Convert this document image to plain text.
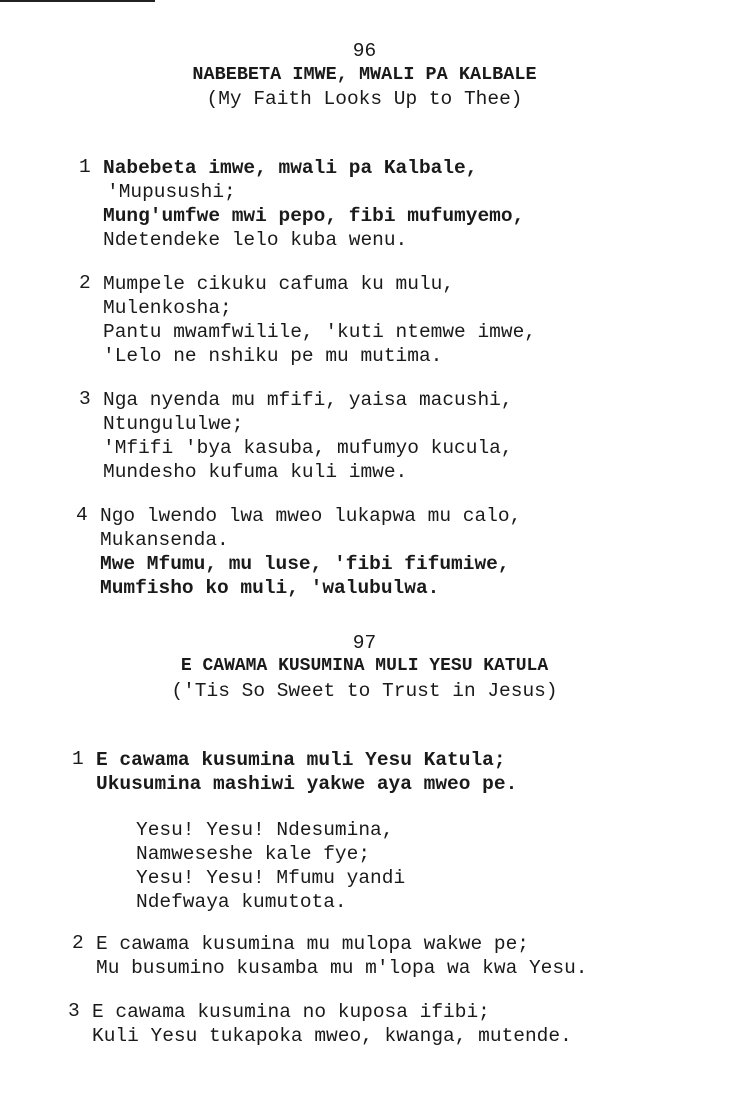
96
NABEBETA IMWE, MWALI PA KALBALE
(My Faith Looks Up to Thee)
1 Nabebeta imwe, mwali pa Kalbale,
'Mupusushi;
Mung'umfwe mwi pepo, fibi mufumyemo,
Ndetendeke lelo kuba wenu.
2 Mumpele cikuku cafuma ku mulu,
Mulenkosha;
Pantu mwamfwilile, 'kuti ntemwe imwe,
'Lelo ne nshiku pe mu mutima.
3 Nga nyenda mu mfifi, yaisa macushi,
Ntungululwe;
'Mfifi 'bya kasuba, mufumyo kucula,
Mundesho kufuma kuli imwe.
4 Ngo lwendo lwa mweo lukapwa mu calo,
Mukansenda.
Mwe Mfumu, mu luse, 'fibi fifumiwe,
Mumfisho ko muli, 'walubulwa.
97
E CAWAMA KUSUMINA MULI YESU KATULA
('Tis So Sweet to Trust in Jesus)
1 E cawama kusumina muli Yesu Katula;
Ukusumina mashiwi yakwe aya mweo pe.
Yesu! Yesu! Ndesumina,
Namweseshe kale fye;
Yesu! Yesu! Mfumu yandi
Ndefwaya kumutota.
2 E cawama kusumina mu mulopa wakwe pe;
Mu busumino kusamba mu m'lopa wa kwa Yesu.
3 E cawama kusumina no kuposa ifibi;
Kuli Yesu tukapoka mweo, kwanga, mutende.
